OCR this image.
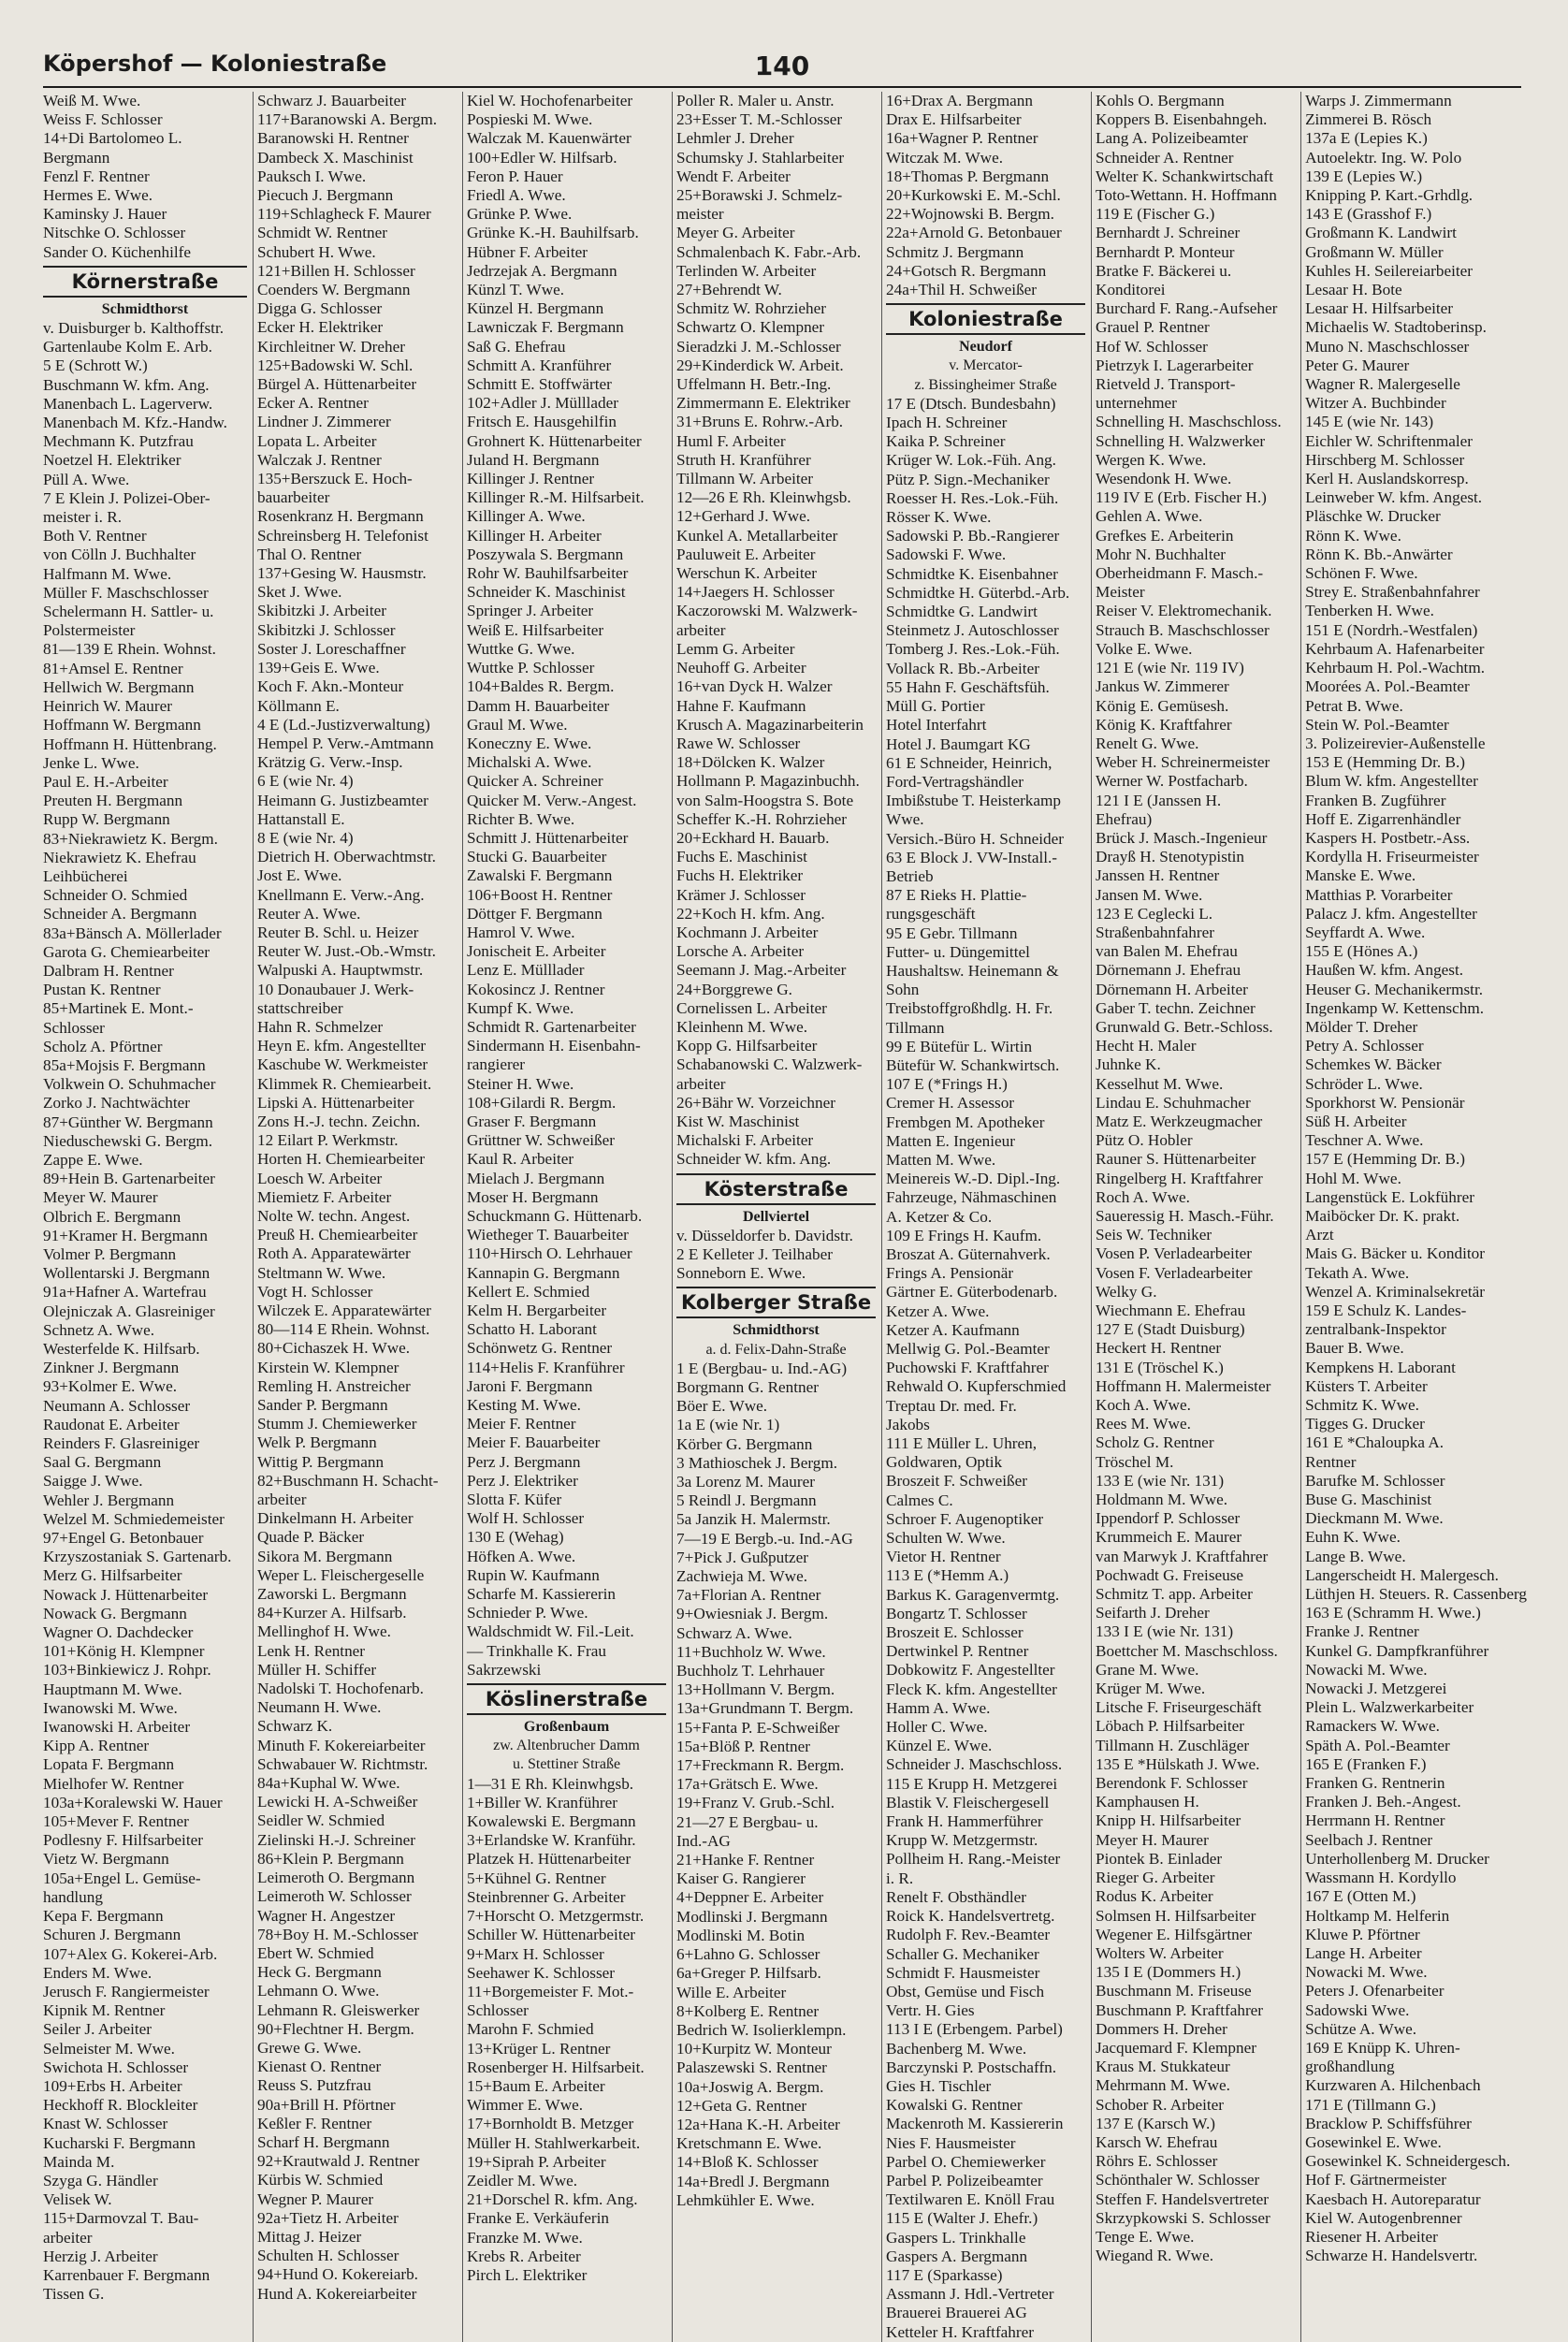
Köpershof — Koloniestraße	140
Weiß M. Wwe.
Weiss F. Schlosser
14+Di Bartolomeo L.
Bergmann
Fenzl F. Rentner
Hermes E. Wwe.
Kaminsky J. Hauer
Nitschke O. Schlosser
Sander O. Küchenhilfe
Körnerstraße
Schmidthorst
v. Duisburger b. Kalthoffstr.
Gartenlaube Kolm E. Arb.
5 E (Schrott W.)
Buschmann W. kfm. Ang.
Manenbach L. Lagerverw.
Manenbach M. Kfz.-Handw.
Mechmann K. Putzfrau
Noetzel H. Elektriker
Püll A. Wwe.
7 E Klein J. Polizei-Ober-
meister i. R.
Both V. Rentner
von Cölln J. Buchhalter
Halfmann M. Wwe.
Müller F. Maschschlosser
Schelermann H. Sattler- u.
Polstermeister
81—139 E Rhein. Wohnst.
81+Amsel E. Rentner
Hellwich W. Bergmann
Heinrich W. Maurer
Hoffmann W. Bergmann
Hoffmann H. Hüttenbrang.
Jenke L. Wwe.
Paul E. H.-Arbeiter
Preuten H. Bergmann
Rupp W. Bergmann
83+Niekrawietz K. Bergm.
Niekrawietz K. Ehefrau
Leihbücherei
Schneider O. Schmied
Schneider A. Bergmann
83a+Bänsch A. Möllerlader
Garota G. Chemiearbeiter
Dalbram H. Rentner
Pustan K. Rentner
85+Martinek E. Mont.-
Schlosser
Scholz A. Pförtner
85a+Mojsis F. Bergmann
Volkwein O. Schuhmacher
Zorko J. Nachtwächter
87+Günther W. Bergmann
Nieduschewski G. Bergm.
Zappe E. Wwe.
89+Hein B. Gartenarbeiter
Meyer W. Maurer
Olbrich E. Bergmann
91+Kramer H. Bergmann
Volmer P. Bergmann
Wollentarski J. Bergmann
91a+Hafner A. Wartefrau
Olejniczak A. Glasreiniger
Schnetz A. Wwe.
Westerfelde K. Hilfsarb.
Zinkner J. Bergmann
93+Kolmer E. Wwe.
Neumann A. Schlosser
Raudonat E. Arbeiter
Reinders F. Glasreiniger
Saal G. Bergmann
Saigge J. Wwe.
Wehler J. Bergmann
Welzel M. Schmiedemeister
97+Engel G. Betonbauer
Krzyszostaniak S. Gartenarb.
Merz G. Hilfsarbeiter
Nowack J. Hüttenarbeiter
Nowack G. Bergmann
Wagner O. Dachdecker
101+König H. Klempner
103+Binkiewicz J. Rohpr.
Hauptmann M. Wwe.
Iwanowski M. Wwe.
Iwanowski H. Arbeiter
Kipp A. Rentner
Lopata F. Bergmann
Mielhofer W. Rentner
103a+Koralewski W. Hauer
105+Mever F. Rentner
Podlesny F. Hilfsarbeiter
Vietz W. Bergmann
105a+Engel L. Gemüse-
handlung
Kepa F. Bergmann
Schuren J. Bergmann
107+Alex G. Kokerei-Arb.
Enders M. Wwe.
Jerusch F. Rangiermeister
Kipnik M. Rentner
Seiler J. Arbeiter
Selmeister M. Wwe.
Swichota H. Schlosser
109+Erbs H. Arbeiter
Heckhoff R. Blockleiter
Knast W. Schlosser
Kucharski F. Bergmann
Mainda M.
Szyga G. Händler
Velisek W.
115+Darmovzal T. Bau-
arbeiter
Herzig J. Arbeiter
Karrenbauer F. Bergmann
Tissen G.
Schwarz J. Bauarbeiter
117+Baranowski A. Bergm.
Baranowski H. Rentner
Dambeck X. Maschinist
Pauksch I. Wwe.
Piecuch J. Bergmann
119+Schlagheck F. Maurer
Schmidt W. Rentner
Schubert H. Wwe.
121+Billen H. Schlosser
Coenders W. Bergmann
Digga G. Schlosser
Ecker H. Elektriker
Kirchleitner W. Dreher
125+Badowski W. Schl.
Bürgel A. Hüttenarbeiter
Ecker A. Rentner
Lindner J. Zimmerer
Lopata L. Arbeiter
Walczak J. Rentner
135+Berszuck E. Hoch-
bauarbeiter
Rosenkranz H. Bergmann
Schreinsberg H. Telefonist
Thal O. Rentner
137+Gesing W. Hausmstr.
Sket J. Wwe.
Skibitzki J. Arbeiter
Skibitzki J. Schlosser
Soster J. Loreschaffner
139+Geis E. Wwe.
Koch F. Akn.-Monteur
Köllmann E.
4 E (Ld.-Justizverwaltung)
Hempel P. Verw.-Amtmann
Krätzig G. Verw.-Insp.
6 E (wie Nr. 4)
Heimann G. Justizbeamter
Hattanstall E.
8 E (wie Nr. 4)
Dietrich H. Oberwachtmstr.
Jost E. Wwe.
Knellmann E. Verw.-Ang.
Reuter A. Wwe.
Reuter B. Schl. u. Heizer
Reuter W. Just.-Ob.-Wmstr.
Walpuski A. Hauptwmstr.
10 Donaubauer J. Werk-
stattschreiber
Hahn R. Schmelzer
Heyn E. kfm. Angestellter
Kaschube W. Werkmeister
Klimmek R. Chemiearbeit.
Lipski A. Hüttenarbeiter
Zons H.-J. techn. Zeichn.
12 Eilart P. Werkmstr.
Horten H. Chemiearbeiter
Loesch W. Arbeiter
Miemietz F. Arbeiter
Nolte W. techn. Angest.
Preuß H. Chemiearbeiter
Roth A. Apparatewärter
Steltmann W. Wwe.
Vogt H. Schlosser
Wilczek E. Apparatewärter
80—114 E Rhein. Wohnst.
80+Cichaszek H. Wwe.
Kirstein W. Klempner
Remling H. Anstreicher
Sander P. Bergmann
Stumm J. Chemiewerker
Welk P. Bergmann
Wittig P. Bergmann
82+Buschmann H. Schacht-
arbeiter
Dinkelmann H. Arbeiter
Quade P. Bäcker
Sikora M. Bergmann
Weper L. Fleischergeselle
Zaworski L. Bergmann
84+Kurzer A. Hilfsarb.
Mellinghof H. Wwe.
Lenk H. Rentner
Müller H. Schiffer
Nadolski T. Hochofenarb.
Neumann H. Wwe.
Schwarz K.
Minuth F. Kokereiarbeiter
Schwabauer W. Richtmstr.
84a+Kuphal W. Wwe.
Lewicki H. A-Schweißer
Seidler W. Schmied
Zielinski H.-J. Schreiner
86+Klein P. Bergmann
Leimeroth O. Bergmann
Leimeroth W. Schlosser
Wagner H. Angestzer
78+Boy H. M.-Schlosser
Ebert W. Schmied
Heck G. Bergmann
Lehmann O. Wwe.
Lehmann R. Gleiswerker
90+Flechtner H. Bergm.
Grewe G. Wwe.
Kienast O. Rentner
Reuss S. Putzfrau
90a+Brill H. Pförtner
Keßler F. Rentner
Scharf H. Bergmann
92+Krautwald J. Rentner
Kürbis W. Schmied
Wegner P. Maurer
92a+Tietz H. Arbeiter
Mittag J. Heizer
Schulten H. Schlosser
94+Hund O. Kokereiarb.
Hund A. Kokereiarbeiter
Kiel W. Hochofenarbeiter
Pospieski M. Wwe.
Walczak M. Kauenwärter
100+Edler W. Hilfsarb.
Feron P. Hauer
Friedl A. Wwe.
Grünke P. Wwe.
Grünke K.-H. Bauhilfsarb.
Hübner F. Arbeiter
Jedrzejak A. Bergmann
Künzl T. Wwe.
Künzel H. Bergmann
Lawniczak F. Bergmann
Saß G. Ehefrau
Schmitt A. Kranführer
Schmitt E. Stoffwärter
102+Adler J. Mülllader
Fritsch E. Hausgehilfin
Grohnert K. Hüttenarbeiter
Juland H. Bergmann
Killinger J. Rentner
Killinger R.-M. Hilfsarbeit.
Killinger A. Wwe.
Killinger H. Arbeiter
Poszywala S. Bergmann
Rohr W. Bauhilfsarbeiter
Schneider K. Maschinist
Springer J. Arbeiter
Weiß E. Hilfsarbeiter
Wuttke G. Wwe.
Wuttke P. Schlosser
104+Baldes R. Bergm.
Damm H. Bauarbeiter
Graul M. Wwe.
Koneczny E. Wwe.
Michalski A. Wwe.
Quicker A. Schreiner
Quicker M. Verw.-Angest.
Richter B. Wwe.
Schmitt J. Hüttenarbeiter
Stucki G. Bauarbeiter
Zawalski F. Bergmann
106+Boost H. Rentner
Döttger F. Bergmann
Hamrol V. Wwe.
Jonischeit E. Arbeiter
Lenz E. Mülllader
Kokosincz J. Rentner
Kumpf K. Wwe.
Schmidt R. Gartenarbeiter
Sindermann H. Eisenbahn-
rangierer
Steiner H. Wwe.
108+Gilardi R. Bergm.
Graser F. Bergmann
Grüttner W. Schweißer
Kaul R. Arbeiter
Mielach J. Bergmann
Moser H. Bergmann
Schuckmann G. Hüttenarb.
Wietheger T. Bauarbeiter
110+Hirsch O. Lehrhauer
Kannapin G. Bergmann
Kellert E. Schmied
Kelm H. Bergarbeiter
Schatto H. Laborant
Schönwetz G. Rentner
114+Helis F. Kranführer
Jaroni F. Bergmann
Kesting M. Wwe.
Meier F. Rentner
Meier F. Bauarbeiter
Perz J. Bergmann
Perz J. Elektriker
Slotta F. Küfer
Wolf H. Schlosser
130 E (Wehag)
Höfken A. Wwe.
Rupin W. Kaufmann
Scharfe M. Kassiererin
Schnieder P. Wwe.
Waldschmidt W. Fil.-Leit.
— Trinkhalle K. Frau
Sakrzewski
Köslinerstraße
Großenbaum
zw. Altenbrucher Damm
u. Stettiner Straße
1—31 E Rh. Kleinwhgsb.
1+Biller W. Kranführer
Kowalewski E. Bergmann
3+Erlandske W. Kranführ.
Platzek H. Hüttenarbeiter
5+Kühnel G. Rentner
Steinbrenner G. Arbeiter
7+Horscht O. Metzgermstr.
Schiller W. Hüttenarbeiter
9+Marx H. Schlosser
Seehawer K. Schlosser
11+Borgemeister F. Mot.-
Schlosser
Marohn F. Schmied
13+Krüger L. Rentner
Rosenberger H. Hilfsarbeit.
15+Baum E. Arbeiter
Wimmer E. Wwe.
17+Bornholdt B. Metzger
Müller H. Stahlwerkarbeit.
19+Siprah P. Arbeiter
Zeidler M. Wwe.
21+Dorschel R. kfm. Ang.
Franke E. Verkäuferin
Franzke M. Wwe.
Krebs R. Arbeiter
Pirch L. Elektriker
Poller R. Maler u. Anstr.
23+Esser T. M.-Schlosser
Lehmler J. Dreher
Schumsky J. Stahlarbeiter
Wendt F. Arbeiter
25+Borawski J. Schmelz-
meister
Meyer G. Arbeiter
Schmalenbach K. Fabr.-Arb.
Terlinden W. Arbeiter
27+Behrendt W.
Schmitz W. Rohrzieher
Schwartz O. Klempner
Sieradzki J. M.-Schlosser
29+Kinderdick W. Arbeit.
Uffelmann H. Betr.-Ing.
Zimmermann E. Elektriker
31+Bruns E. Rohrw.-Arb.
Huml F. Arbeiter
Struth H. Kranführer
Tillmann W. Arbeiter
12—26 E Rh. Kleinwhgsb.
12+Gerhard J. Wwe.
Kunkel A. Metallarbeiter
Pauluweit E. Arbeiter
Werschun K. Arbeiter
14+Jaegers H. Schlosser
Kaczorowski M. Walzwerk-
arbeiter
Lemm G. Arbeiter
Neuhoff G. Arbeiter
16+van Dyck H. Walzer
Hahne F. Kaufmann
Krusch A. Magazinarbeiterin
Rawe W. Schlosser
18+Dölcken K. Walzer
Hollmann P. Magazinbuchh.
von Salm-Hoogstra S. Bote
Scheffer K.-H. Rohrzieher
20+Eckhard H. Bauarb.
Fuchs E. Maschinist
Fuchs H. Elektriker
Krämer J. Schlosser
22+Koch H. kfm. Ang.
Kochmann J. Arbeiter
Lorsche A. Arbeiter
Seemann J. Mag.-Arbeiter
24+Borggrewe G.
Cornelissen L. Arbeiter
Kleinhenn M. Wwe.
Kopp G. Hilfsarbeiter
Schabanowski C. Walzwerk-
arbeiter
26+Bähr W. Vorzeichner
Kist W. Maschinist
Michalski F. Arbeiter
Schneider W. kfm. Ang.
Kösterstraße
Dellviertel
v. Düsseldorfer b. Davidstr.
2 E Kelleter J. Teilhaber
Sonneborn E. Wwe.
Kolberger Straße
Schmidthorst
a. d. Felix-Dahn-Straße
1 E (Bergbau- u. Ind.-AG)
Borgmann G. Rentner
Böer E. Wwe.
1a E (wie Nr. 1)
Körber G. Bergmann
3 Mathioschek J. Bergm.
3a Lorenz M. Maurer
5 Reindl J. Bergmann
5a Janzik H. Malermstr.
7—19 E Bergb.-u. Ind.-AG
7+Pick J. Gußputzer
Zachwieja M. Wwe.
7a+Florian A. Rentner
9+Owiesniak J. Bergm.
Schwarz A. Wwe.
11+Buchholz W. Wwe.
Buchholz T. Lehrhauer
13+Hollmann V. Bergm.
13a+Grundmann T. Bergm.
15+Fanta P. E-Schweißer
15a+Blöß P. Rentner
17+Freckmann R. Bergm.
17a+Grätsch E. Wwe.
19+Franz V. Grub.-Schl.
21—27 E Bergbau- u.
Ind.-AG
21+Hanke F. Rentner
Kaiser G. Rangierer
4+Deppner E. Arbeiter
Modlinski J. Bergmann
Modlinski M. Botin
6+Lahno G. Schlosser
6a+Greger P. Hilfsarb.
Wille E. Arbeiter
8+Kolberg E. Rentner
Bedrich W. Isolierklempn.
10+Kurpitz W. Monteur
Palaszewski S. Rentner
10a+Joswig A. Bergm.
12+Geta G. Rentner
12a+Hana K.-H. Arbeiter
Kretschmann E. Wwe.
14+Bloß K. Schlosser
14a+Bredl J. Bergmann
Lehmkühler E. Wwe.
16+Drax A. Bergmann
Drax E. Hilfsarbeiter
16a+Wagner P. Rentner
Witczak M. Wwe.
18+Thomas P. Bergmann
20+Kurkowski E. M.-Schl.
22+Wojnowski B. Bergm.
22a+Arnold G. Betonbauer
Schmitz J. Bergmann
24+Gotsch R. Bergmann
24a+Thil H. Schweißer
Koloniestraße
Neudorf
v. Mercator-
z. Bissingheimer Straße
17 E (Dtsch. Bundesbahn)
Ipach H. Schreiner
Kaika P. Schreiner
Krüger W. Lok.-Füh. Ang.
Pütz P. Sign.-Mechaniker
Roesser H. Res.-Lok.-Füh.
Rösser K. Wwe.
Sadowski P. Bb.-Rangierer
Sadowski F. Wwe.
Schmidtke K. Eisenbahner
Schmidtke H. Güterbd.-Arb.
Schmidtke G. Landwirt
Steinmetz J. Autoschlosser
Tomberg J. Res.-Lok.-Füh.
Vollack R. Bb.-Arbeiter
55 Hahn F. Geschäftsfüh.
Müll G. Portier
Hotel Interfahrt
Hotel J. Baumgart KG
61 E Schneider, Heinrich,
Ford-Vertragshändler
Imbißstube T. Heisterkamp
Wwe.
Versich.-Büro H. Schneider
63 E Block J. VW-Install.-
Betrieb
87 E Rieks H. Plattie-
rungsgeschäft
95 E Gebr. Tillmann
Futter- u. Düngemittel
Haushaltsw. Heinemann &
Sohn
Treibstoffgroßhdlg. H. Fr.
Tillmann
99 E Bütefür L. Wirtin
Bütefür W. Schankwirtsch.
107 E (*Frings H.)
Cremer H. Assessor
Frembgen M. Apotheker
Matten E. Ingenieur
Matten M. Wwe.
Meinereis W.-D. Dipl.-Ing.
Fahrzeuge, Nähmaschinen
A. Ketzer & Co.
109 E Frings H. Kaufm.
Broszat A. Güternahverk.
Frings A. Pensionär
Gärtner E. Güterbodenarb.
Ketzer A. Wwe.
Ketzer A. Kaufmann
Mellwig G. Pol.-Beamter
Puchowski F. Kraftfahrer
Rehwald O. Kupferschmied
Treptau Dr. med. Fr.
Jakobs
111 E Müller L. Uhren,
Goldwaren, Optik
Broszeit F. Schweißer
Calmes C.
Schroer F. Augenoptiker
Schulten W. Wwe.
Vietor H. Rentner
113 E (*Hemm A.)
Barkus K. Garagenvermtg.
Bongartz T. Schlosser
Broszeit E. Schlosser
Dertwinkel P. Rentner
Dobkowitz F. Angestellter
Fleck K. kfm. Angestellter
Hamm A. Wwe.
Holler C. Wwe.
Künzel E. Wwe.
Schneider J. Maschschloss.
115 E Krupp H. Metzgerei
Blastik V. Fleischergesell
Frank H. Hammerführer
Krupp W. Metzgermstr.
Pollheim H. Rang.-Meister
i. R.
Renelt F. Obsthändler
Roick K. Handelsvertretg.
Rudolph F. Rev.-Beamter
Schaller G. Mechaniker
Schmidt F. Hausmeister
Obst, Gemüse und Fisch
Vertr. H. Gies
113 I E (Erbengem. Parbel)
Bachenberg M. Wwe.
Barczynski P. Postschaffn.
Gies H. Tischler
Kowalski G. Rentner
Mackenroth M. Kassiererin
Nies F. Hausmeister
Parbel O. Chemiewerker
Parbel P. Polizeibeamter
Textilwaren E. Knöll Frau
115 E (Walter J. Ehefr.)
Gaspers L. Trinkhalle
Gaspers A. Bergmann
117 E (Sparkasse)
Assmann J. Hdl.-Vertreter
Brauerei Brauerei AG
Ketteler H. Kraftfahrer
Kohls O. Bergmann
Koppers B. Eisenbahngeh.
Lang A. Polizeibeamter
Schneider A. Rentner
Welter K. Schankwirtschaft
Toto-Wettann. H. Hoffmann
119 E (Fischer G.)
Bernhardt J. Schreiner
Bernhardt P. Monteur
Bratke F. Bäckerei u.
Konditorei
Burchard F. Rang.-Aufseher
Grauel P. Rentner
Hof W. Schlosser
Pietrzyk I. Lagerarbeiter
Rietveld J. Transport-
unternehmer
Schnelling H. Maschschloss.
Schnelling H. Walzwerker
Wergen K. Wwe.
Wesendonk H. Wwe.
119 IV E (Erb. Fischer H.)
Gehlen A. Wwe.
Grefkes E. Arbeiterin
Mohr N. Buchhalter
Oberheidmann F. Masch.-
Meister
Reiser V. Elektromechanik.
Strauch B. Maschschlosser
Volke E. Wwe.
121 E (wie Nr. 119 IV)
Jankus W. Zimmerer
König E. Gemüsesh.
König K. Kraftfahrer
Renelt G. Wwe.
Weber H. Schreinermeister
Werner W. Postfacharb.
121 I E (Janssen H.
Ehefrau)
Brück J. Masch.-Ingenieur
Drayß H. Stenotypistin
Janssen H. Rentner
Jansen M. Wwe.
123 E Ceglecki L.
Straßenbahnfahrer
van Balen M. Ehefrau
Dörnemann J. Ehefrau
Dörnemann H. Arbeiter
Gaber T. techn. Zeichner
Grunwald G. Betr.-Schloss.
Hecht H. Maler
Juhnke K.
Kesselhut M. Wwe.
Lindau E. Schuhmacher
Matz E. Werkzeugmacher
Pütz O. Hobler
Rauner S. Hüttenarbeiter
Ringelberg H. Kraftfahrer
Roch A. Wwe.
Saueressig H. Masch.-Führ.
Seis W. Techniker
Vosen P. Verladearbeiter
Vosen F. Verladearbeiter
Welky G.
Wiechmann E. Ehefrau
127 E (Stadt Duisburg)
Heckert H. Rentner
131 E (Tröschel K.)
Hoffmann H. Malermeister
Koch A. Wwe.
Rees M. Wwe.
Scholz G. Rentner
Tröschel M.
133 E (wie Nr. 131)
Holdmann M. Wwe.
Ippendorf P. Schlosser
Krummeich E. Maurer
van Marwyk J. Kraftfahrer
Pochwadt G. Freiseuse
Schmitz T. app. Arbeiter
Seifarth J. Dreher
133 I E (wie Nr. 131)
Boettcher M. Maschschloss.
Grane M. Wwe.
Krüger M. Wwe.
Litsche F. Friseurgeschäft
Löbach P. Hilfsarbeiter
Tillmann H. Zuschläger
135 E *Hülskath J. Wwe.
Berendonk F. Schlosser
Kamphausen H.
Knipp H. Hilfsarbeiter
Meyer H. Maurer
Piontek B. Einlader
Rieger G. Arbeiter
Rodus K. Arbeiter
Solmsen H. Hilfsarbeiter
Wegener E. Hilfsgärtner
Wolters W. Arbeiter
135 I E (Dommers H.)
Buschmann M. Friseuse
Buschmann P. Kraftfahrer
Dommers H. Dreher
Jacquemard F. Klempner
Kraus M. Stukkateur
Mehrmann M. Wwe.
Schober R. Arbeiter
137 E (Karsch W.)
Karsch W. Ehefrau
Röhrs E. Schlosser
Schönthaler W. Schlosser
Steffen F. Handelsvertreter
Skrzypkowski S. Schlosser
Tenge E. Wwe.
Wiegand R. Wwe.
Warps J. Zimmermann
Zimmerei B. Rösch
137a E (Lepies K.)
Autoelektr. Ing. W. Polo
139 E (Lepies W.)
Knipping P. Kart.-Grhdlg.
143 E (Grasshof F.)
Großmann K. Landwirt
Großmann W. Müller
Kuhles H. Seilereiarbeiter
Lesaar H. Bote
Lesaar H. Hilfsarbeiter
Michaelis W. Stadtoberinsp.
Muno N. Maschschlosser
Peter G. Maurer
Wagner R. Malergeselle
Witzer A. Buchbinder
145 E (wie Nr. 143)
Eichler W. Schriftenmaler
Hirschberg M. Schlosser
Kerl H. Auslandskorresp.
Leinweber W. kfm. Angest.
Pläschke W. Drucker
Rönn K. Wwe.
Rönn K. Bb.-Anwärter
Schönen F. Wwe.
Strey E. Straßenbahnfahrer
Tenberken H. Wwe.
151 E (Nordrh.-Westfalen)
Kehrbaum A. Hafenarbeiter
Kehrbaum H. Pol.-Wachtm.
Moorées A. Pol.-Beamter
Petrat B. Wwe.
Stein W. Pol.-Beamter
3. Polizeirevier-Außenstelle
153 E (Hemming Dr. B.)
Blum W. kfm. Angestellter
Franken B. Zugführer
Hoff E. Zigarrenhändler
Kaspers H. Postbetr.-Ass.
Kordylla H. Friseurmeister
Manske E. Wwe.
Matthias P. Vorarbeiter
Palacz J. kfm. Angestellter
Seyffardt A. Wwe.
155 E (Hönes A.)
Haußen W. kfm. Angest.
Heuser G. Mechanikermstr.
Ingenkamp W. Kettenschm.
Mölder T. Dreher
Petry A. Schlosser
Schemkes W. Bäcker
Schröder L. Wwe.
Sporkhorst W. Pensionär
Süß H. Arbeiter
Teschner A. Wwe.
157 E (Hemming Dr. B.)
Hohl M. Wwe.
Langenstück E. Lokführer
Maiböcker Dr. K. prakt.
Arzt
Mais G. Bäcker u. Konditor
Tekath A. Wwe.
Wenzel A. Kriminalsekretär
159 E Schulz K. Landes-
zentralbank-Inspektor
Bauer B. Wwe.
Kempkens H. Laborant
Küsters T. Arbeiter
Schmitz K. Wwe.
Tigges G. Drucker
161 E *Chaloupka A.
Rentner
Barufke M. Schlosser
Buse G. Maschinist
Dieckmann M. Wwe.
Euhn K. Wwe.
Lange B. Wwe.
Langerscheidt H. Malergesch.
Lüthjen H. Steuers. R. Cassenberg
163 E (Schramm H. Wwe.)
Franke J. Rentner
Kunkel G. Dampfkranführer
Nowacki M. Wwe.
Nowacki J. Metzgerei
Plein L. Walzwerkarbeiter
Ramackers W. Wwe.
Späth A. Pol.-Beamter
165 E (Franken F.)
Franken G. Rentnerin
Franken J. Beh.-Angest.
Herrmann H. Rentner
Seelbach J. Rentner
Unterhollenberg M. Drucker
Wassmann H. Kordyllo
167 E (Otten M.)
Holtkamp M. Helferin
Kluwe P. Pförtner
Lange H. Arbeiter
Nowacki M. Wwe.
Peters J. Ofenarbeiter
Sadowski Wwe.
Schütze A. Wwe.
169 E Knüpp K. Uhren-
großhandlung
Kurzwaren A. Hilchenbach
171 E (Tillmann G.)
Bracklow P. Schiffsführer
Gosewinkel E. Wwe.
Gosewinkel K. Schneidergesch.
Hof F. Gärtnermeister
Kaesbach H. Autoreparatur
Kiel W. Autogenbrenner
Riesener H. Arbeiter
Schwarze H. Handelsvertr.
